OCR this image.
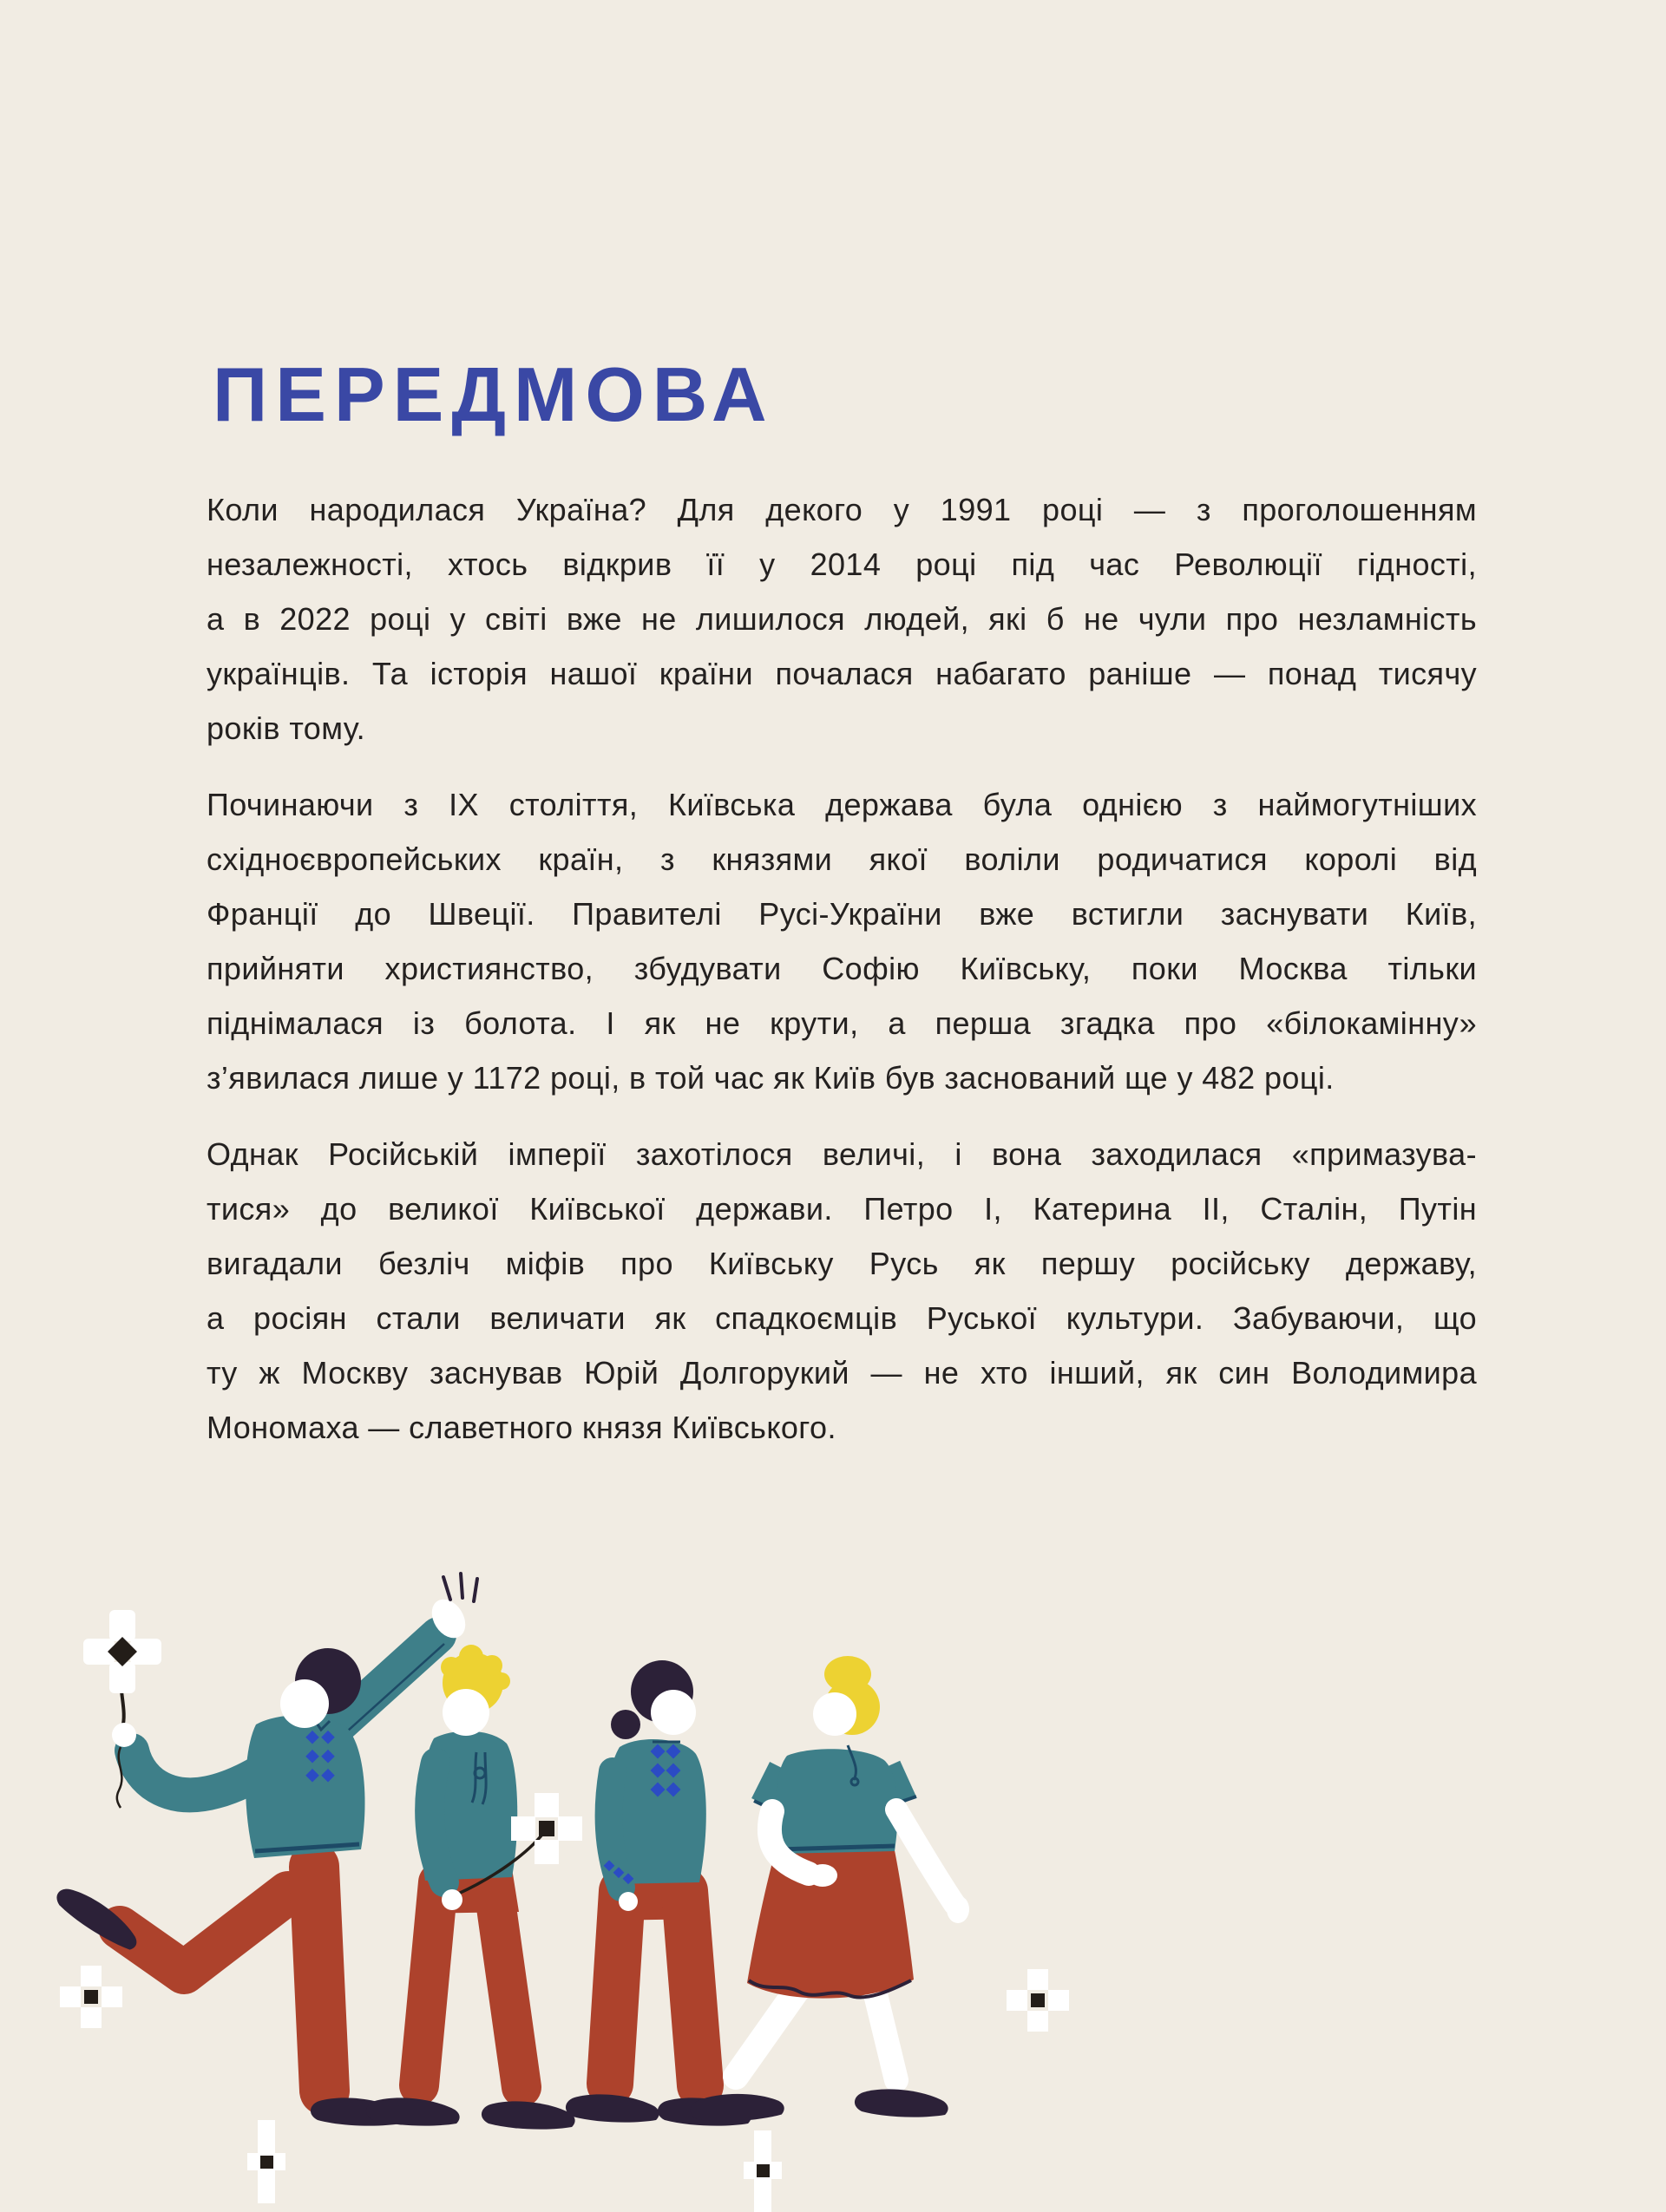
ПЕРЕДМОВА
Коли народилася Україна? Для декого у 1991 році — з проголошенням
незалежності, хтось відкрив її у 2014 році під час Революції гідності,
а в 2022 році у світі вже не лишилося людей, які б не чули про незламність
українців. Та історія нашої країни почалася набагато раніше — понад тисячу
років тому.
Починаючи з IX століття, Київська держава була однією з наймогутніших
східноєвропейських країн, з князями якої воліли родичатися королі від
Франції до Швеції. Правителі Русі-України вже встигли заснувати Київ,
прийняти християнство, збудувати Софію Київську, поки Москва тільки
піднімалася із болота. І як не крути, а перша згадка про «білокамінну»
з’явилася лише у 1172 році, в той час як Київ був заснований ще у 482 році.
Однак Російській імперії захотілося величі, і вона заходилася «примазува-
тися» до великої Київської держави. Петро I, Катерина II, Сталін, Путін
вигадали безліч міфів про Київську Русь як першу російську державу,
а росіян стали величати як спадкоємців Руської культури. Забуваючи, що
ту ж Москву заснував Юрій Долгорукий — не хто інший, як син Володимира
Мономаха — славетного князя Київського.
